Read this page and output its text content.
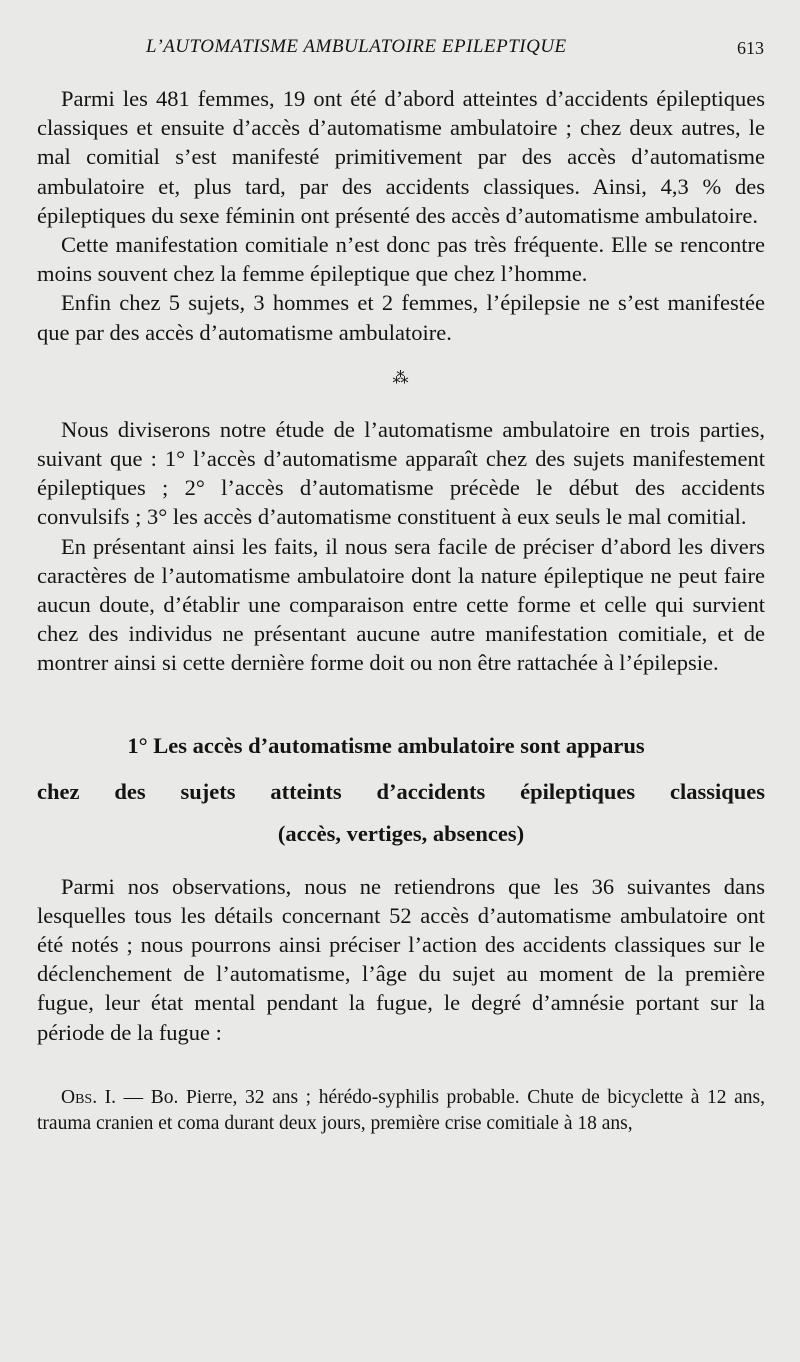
L’AUTOMATISME AMBULATOIRE EPILEPTIQUE	613

Parmi les 481 femmes, 19 ont été d’abord atteintes d’accidents épileptiques classiques et ensuite d’accès d’automatisme ambulatoire ; chez deux autres, le mal comitial s’est manifesté primitivement par des accès d’automatisme ambulatoire et, plus tard, par des accidents classiques. Ainsi, 4,3 % des épileptiques du sexe féminin ont présenté des accès d’automatisme ambulatoire.

Cette manifestation comitiale n’est donc pas très fréquente. Elle se rencontre moins souvent chez la femme épileptique que chez l’homme.

Enfin chez 5 sujets, 3 hommes et 2 femmes, l’épilepsie ne s’est manifestée que par des accès d’automatisme ambulatoire.

⁂

Nous diviserons notre étude de l’automatisme ambulatoire en trois parties, suivant que : 1° l’accès d’automatisme apparaît chez des sujets manifestement épileptiques ; 2° l’accès d’automatisme précède le début des accidents convulsifs ; 3° les accès d’automatisme constituent à eux seuls le mal comitial.

En présentant ainsi les faits, il nous sera facile de préciser d’abord les divers caractères de l’automatisme ambulatoire dont la nature épileptique ne peut faire aucun doute, d’établir une comparaison entre cette forme et celle qui survient chez des individus ne présentant aucune autre manifestation comitiale, et de montrer ainsi si cette dernière forme doit ou non être rattachée à l’épilepsie.

1° Les accès d’automatisme ambulatoire sont apparus
chez des sujets atteints d’accidents épileptiques classiques
(accès, vertiges, absences)

Parmi nos observations, nous ne retiendrons que les 36 suivantes dans lesquelles tous les détails concernant 52 accès d’automatisme ambulatoire ont été notés ; nous pourrons ainsi préciser l’action des accidents classiques sur le déclenchement de l’automatisme, l’âge du sujet au moment de la première fugue, leur état mental pendant la fugue, le degré d’amnésie portant sur la période de la fugue :

Obs. I. — Bo. Pierre, 32 ans ; hérédo-syphilis probable. Chute de bicyclette à 12 ans, trauma cranien et coma durant deux jours, première crise comitiale à 18 ans,
